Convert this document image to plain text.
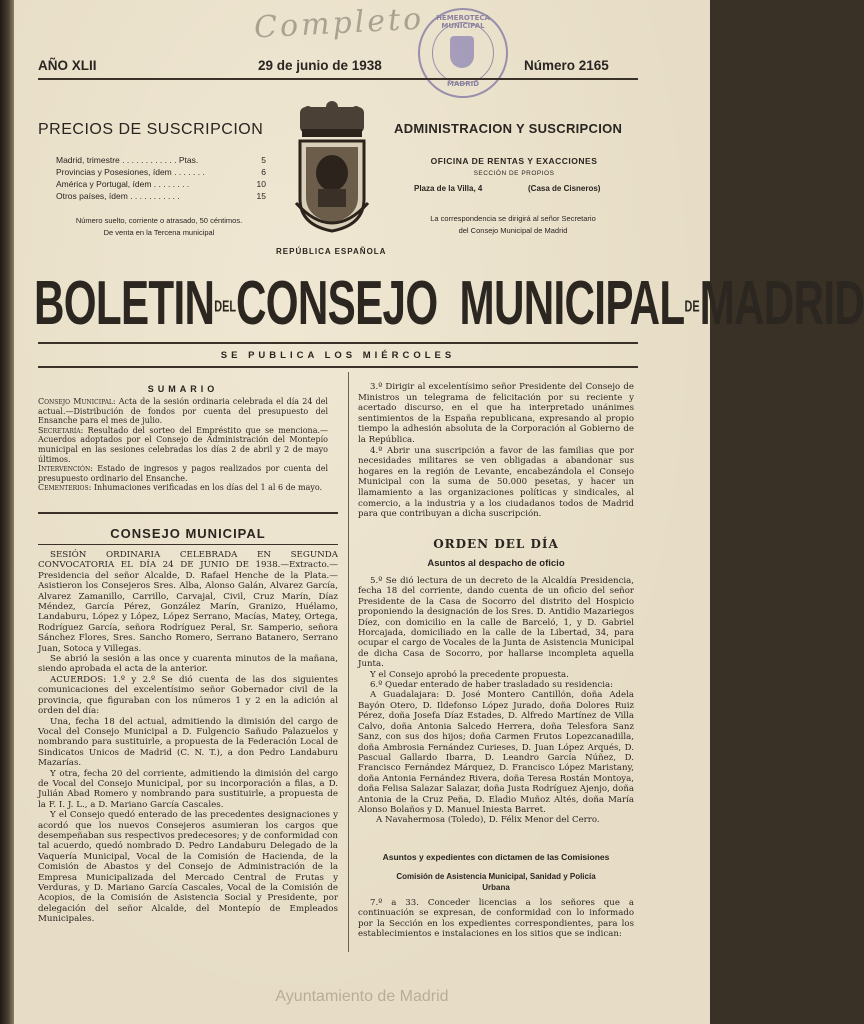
Completo	HEMEROTECA MUNICIPAL
MADRID
AÑO XLII	29 de junio de 1938	Número 2165
PRECIOS DE SUSCRIPCION
Madrid, trimestre . . . . . . . . . . . . Ptas.	5
Provincias y Posesiones, ídem . . . . . . .	6
América y Portugal, ídem . . . . . . . .	10
Otros países, ídem . . . . . . . . . . .	15
Número suelto, corriente o atrasado, 50 céntimos.
De venta en la Tercena municipal
ADMINISTRACION Y SUSCRIPCION
OFICINA DE RENTAS Y EXACCIONES
SECCIÓN DE PROPIOS
Plaza de la Villa, 4	(Casa de Cisneros)
La correspondencia se dirigirá al señor Secretario
del Consejo Municipal de Madrid
REPÚBLICA ESPAÑOLA
BOLETINDELCONSEJO MUNICIPALDEMADRID
SE PUBLICA LOS MIÉRCOLES
SUMARIO
Consejo Municipal: Acta de la sesión ordinaria celebrada el día 24 del actual.—Distribución de fondos por cuenta del presupuesto del Ensanche para el mes de julio.
Secretaría: Resultado del sorteo del Empréstito que se menciona.—Acuerdos adoptados por el Consejo de Administración del Montepío municipal en las sesiones celebradas los días 2 de abril y 2 de mayo últimos.
Intervención: Estado de ingresos y pagos realizados por cuenta del presupuesto ordinario del Ensanche.
Cementerios: Inhumaciones verificadas en los días del 1 al 6 de mayo.
CONSEJO MUNICIPAL

SESIÓN ORDINARIA CELEBRADA EN SEGUNDA CONVOCATORIA EL DÍA 24 DE JUNIO DE 1938.—Extracto.—Presidencia del señor Alcalde, D. Rafael Henche de la Plata.—Asistieron los Consejeros Sres. Alba, Alonso Galán, Alvarez García, Alvarez Zamanillo, Carrillo, Carvajal, Civil, Cruz Marín, Díaz Méndez, García Pérez, González Marín, Granizo, Huélamo, Landaburu, López y López, López Serrano, Macías, Matey, Ortega, Rodríguez García, señora Rodríguez Peral, Sr. Samperio, señora Sánchez Flores, Sres. Sancho Romero, Serrano Batanero, Serrano Juan, Sotoca y Villegas.

Se abrió la sesión a las once y cuarenta minutos de la mañana, siendo aprobada el acta de la anterior.

ACUERDOS: 1.º y 2.º Se dió cuenta de las dos siguientes comunicaciones del excelentísimo señor Gobernador civil de la provincia, que figuraban con los números 1 y 2 en la adición al orden del día:

Una, fecha 18 del actual, admitiendo la dimisión del cargo de Vocal del Consejo Municipal a D. Fulgencio Sañudo Palazuelos y nombrando para sustituirle, a propuesta de la Federación Local de Sindicatos Unicos de Madrid (C. N. T.), a don Pedro Landaburu Mazarías.

Y otra, fecha 20 del corriente, admitiendo la dimisión del cargo de Vocal del Consejo Municipal, por su incorporación a filas, a D. Julián Abad Romero y nombrando para sustituirle, a propuesta de la F. I. J. L., a D. Mariano García Cascales.

Y el Consejo quedó enterado de las precedentes designaciones y acordó que los nuevos Consejeros asumieran los cargos que desempeñaban sus respectivos predecesores; y de conformidad con tal acuerdo, quedó nombrado D. Pedro Landaburu Delegado de la Vaquería Municipal, Vocal de la Comisión de Hacienda, de la Comisión de Abastos y del Consejo de Administración de la Empresa Municipalizada del Mercado Central de Frutas y Verduras, y D. Mariano García Cascales, Vocal de la Comisión de Acopios, de la Comisión de Asistencia Social y Presidente, por delegación del señor Alcalde, del Montepío de Empleados Municipales.

3.º Dirigir al excelentísimo señor Presidente del Consejo de Ministros un telegrama de felicitación por su reciente y acertado discurso, en el que ha interpretado unánimes sentimientos de la España republicana, expresando al propio tiempo la adhesión absoluta de la Corporación al Gobierno de la República.

4.º Abrir una suscripción a favor de las familias que por necesidades militares se ven obligadas a abandonar sus hogares en la región de Levante, encabezándola el Consejo Municipal con la suma de 50.000 pesetas, y hacer un llamamiento a las organizaciones políticas y sindicales, al comercio, a la industria y a los ciudadanos todos de Madrid para que contribuyan a dicha suscripción.

ORDEN DEL DÍA
Asuntos al despacho de oficio

5.º Se dió lectura de un decreto de la Alcaldía Presidencia, fecha 18 del corriente, dando cuenta de un oficio del señor Presidente de la Casa de Socorro del distrito del Hospicio proponiendo la designación de los Sres. D. Antidio Mazariegos Díez, con domicilio en la calle de Barceló, 1, y D. Gabriel Horcajada, domiciliado en la calle de la Libertad, 34, para ocupar el cargo de Vocales de la Junta de Asistencia Municipal de dicha Casa de Socorro, por hallarse incompleta aquella Junta.

Y el Consejo aprobó la precedente propuesta.

6.º Quedar enterado de haber trasladado su residencia:

A Guadalajara: D. José Montero Cantillón, doña Adela Bayón Otero, D. Ildefonso López Jurado, doña Dolores Ruiz Pérez, doña Josefa Díaz Estades, D. Alfredo Martínez de Villa Calvo, doña Antonia Salcedo Herrera, doña Telesfora Sanz Sanz, con sus dos hijos; doña Carmen Frutos Lopezcanadilla, doña Ambrosia Fernández Curieses, D. Juan López Arqués, D. Pascual Gallardo Ibarra, D. Leandro García Núñez, D. Francisco Fernández Márquez, D. Francisco López Maristany, doña Antonia Fernández Rivera, doña Teresa Rostán Montoya, doña Felisa Salazar Salazar, doña Justa Rodríguez Ajenjo, doña Antonia de la Cruz Peña, D. Eladio Muñoz Altés, doña María Alonso Bolaños y D. Manuel Iniesta Barret.

A Navahermosa (Toledo), D. Félix Menor del Cerro.

Asuntos y expedientes con dictamen de las Comisiones
Comisión de Asistencia Municipal, Sanidad y Policía
Urbana

7.º a 33. Conceder licencias a los señores que a continuación se expresan, de conformidad con lo informado por la Sección en los expedientes correspondientes, para los establecimientos e instalaciones en los sitios que se indican:

Ayuntamiento de Madrid
